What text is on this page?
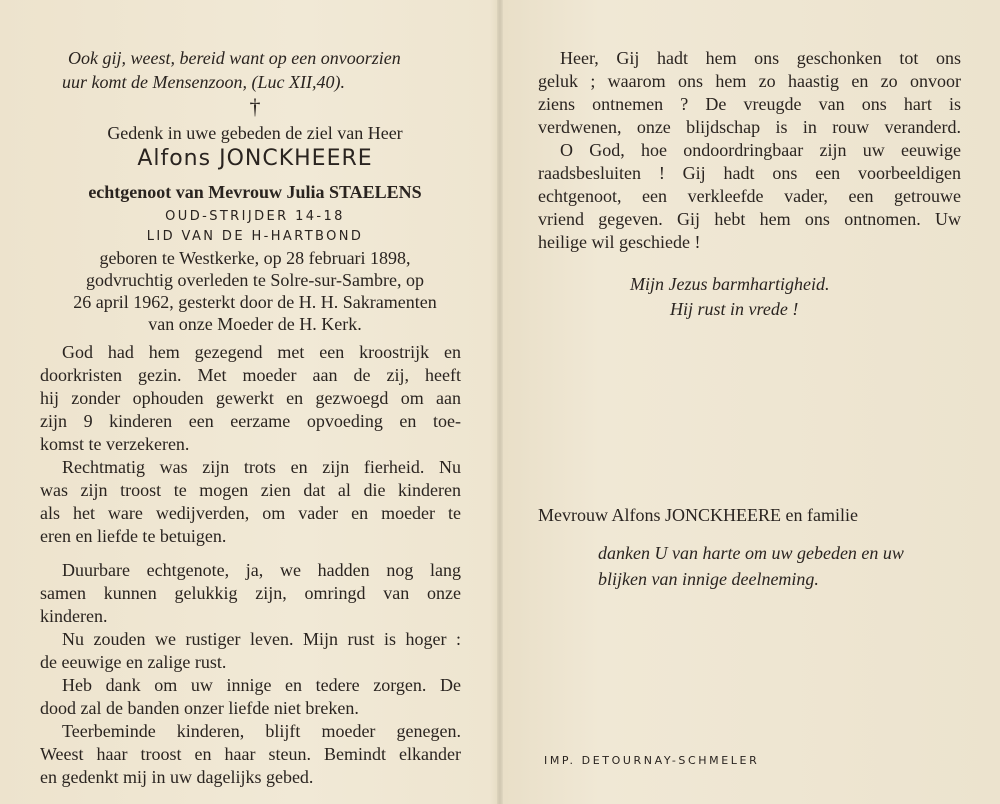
Ook gij, weest, bereid want op een onvoorzien
uur komt de Mensenzoon, (Luc XII,40).
†
Gedenk in uwe gebeden de ziel van Heer
Alfons JONCKHEERE
echtgenoot van Mevrouw Julia STAELENS
OUD-STRIJDER 14-18
LID VAN DE H-HARTBOND
geboren te Westkerke, op 28 februari 1898,
godvruchtig overleden te Solre-sur-Sambre, op
26 april 1962, gesterkt door de H. H. Sakramenten
van onze Moeder de H. Kerk.
God had hem gezegend met een kroostrijk en
doorkristen gezin. Met moeder aan de zij, heeft
hij zonder ophouden gewerkt en gezwoegd om aan
zijn 9 kinderen een eerzame opvoeding en toe-
komst te verzekeren.
Rechtmatig was zijn trots en zijn fierheid. Nu
was zijn troost te mogen zien dat al die kinderen
als het ware wedijverden, om vader en moeder te
eren en liefde te betuigen.
Duurbare echtgenote, ja, we hadden nog lang
samen kunnen gelukkig zijn, omringd van onze
kinderen.
Nu zouden we rustiger leven. Mijn rust is hoger :
de eeuwige en zalige rust.
Heb dank om uw innige en tedere zorgen. De
dood zal de banden onzer liefde niet breken.
Teerbeminde kinderen, blijft moeder genegen.
Weest haar troost en haar steun. Bemindt elkander
en gedenkt mij in uw dagelijks gebed.
Heer, Gij hadt hem ons geschonken tot ons
geluk ; waarom ons hem zo haastig en zo onvoor
ziens ontnemen ? De vreugde van ons hart is
verdwenen, onze blijdschap is in rouw veranderd.
O God, hoe ondoordringbaar zijn uw eeuwige
raadsbesluiten ! Gij hadt ons een voorbeeldigen
echtgenoot, een verkleefde vader, een getrouwe
vriend gegeven. Gij hebt hem ons ontnomen. Uw
heilige wil geschiede !
Mijn Jezus barmhartigheid.
Hij rust in vrede !
Mevrouw Alfons JONCKHEERE en familie
danken U van harte om uw gebeden en uw
blijken van innige deelneming.
IMP. DETOURNAY-SCHMELER
